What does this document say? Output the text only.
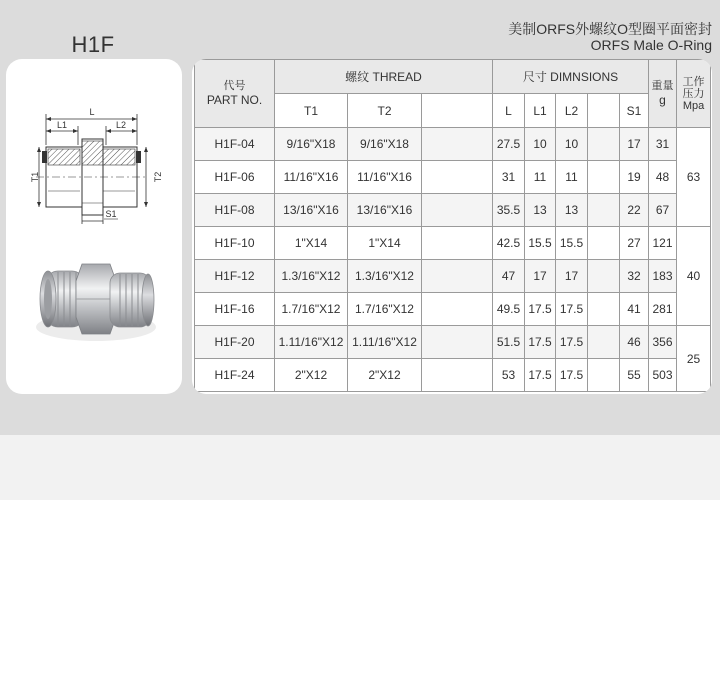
H1F
美制ORFS外螺纹O型圈平面密封
ORFS Male O-Ring
L
L1	L2
T1	T2
S1
代号
PART NO.	螺纹 THREAD			尺寸 DIMNSIONS					重量
g	工作
压力
Mpa

	T1	T2		L	L1	L2		S1		
H1F-04	9/16"X18	9/16"X18		27.5	10	10		17	31	63
H1F-06	11/16"X16	11/16"X16		31	11	11		19	48	
H1F-08	13/16"X16	13/16"X16		35.5	13	13		22	67	
H1F-10	1"X14	1"X14		42.5	15.5	15.5		27	121	40
H1F-12	1.3/16"X12	1.3/16"X12		47	17	17		32	183	
H1F-16	1.7/16"X12	1.7/16"X12		49.5	17.5	17.5		41	281	
H1F-20	1.11/16"X12	1.11/16"X12		51.5	17.5	17.5		46	356	25
H1F-24	2"X12	2"X12		53	17.5	17.5		55	503	
